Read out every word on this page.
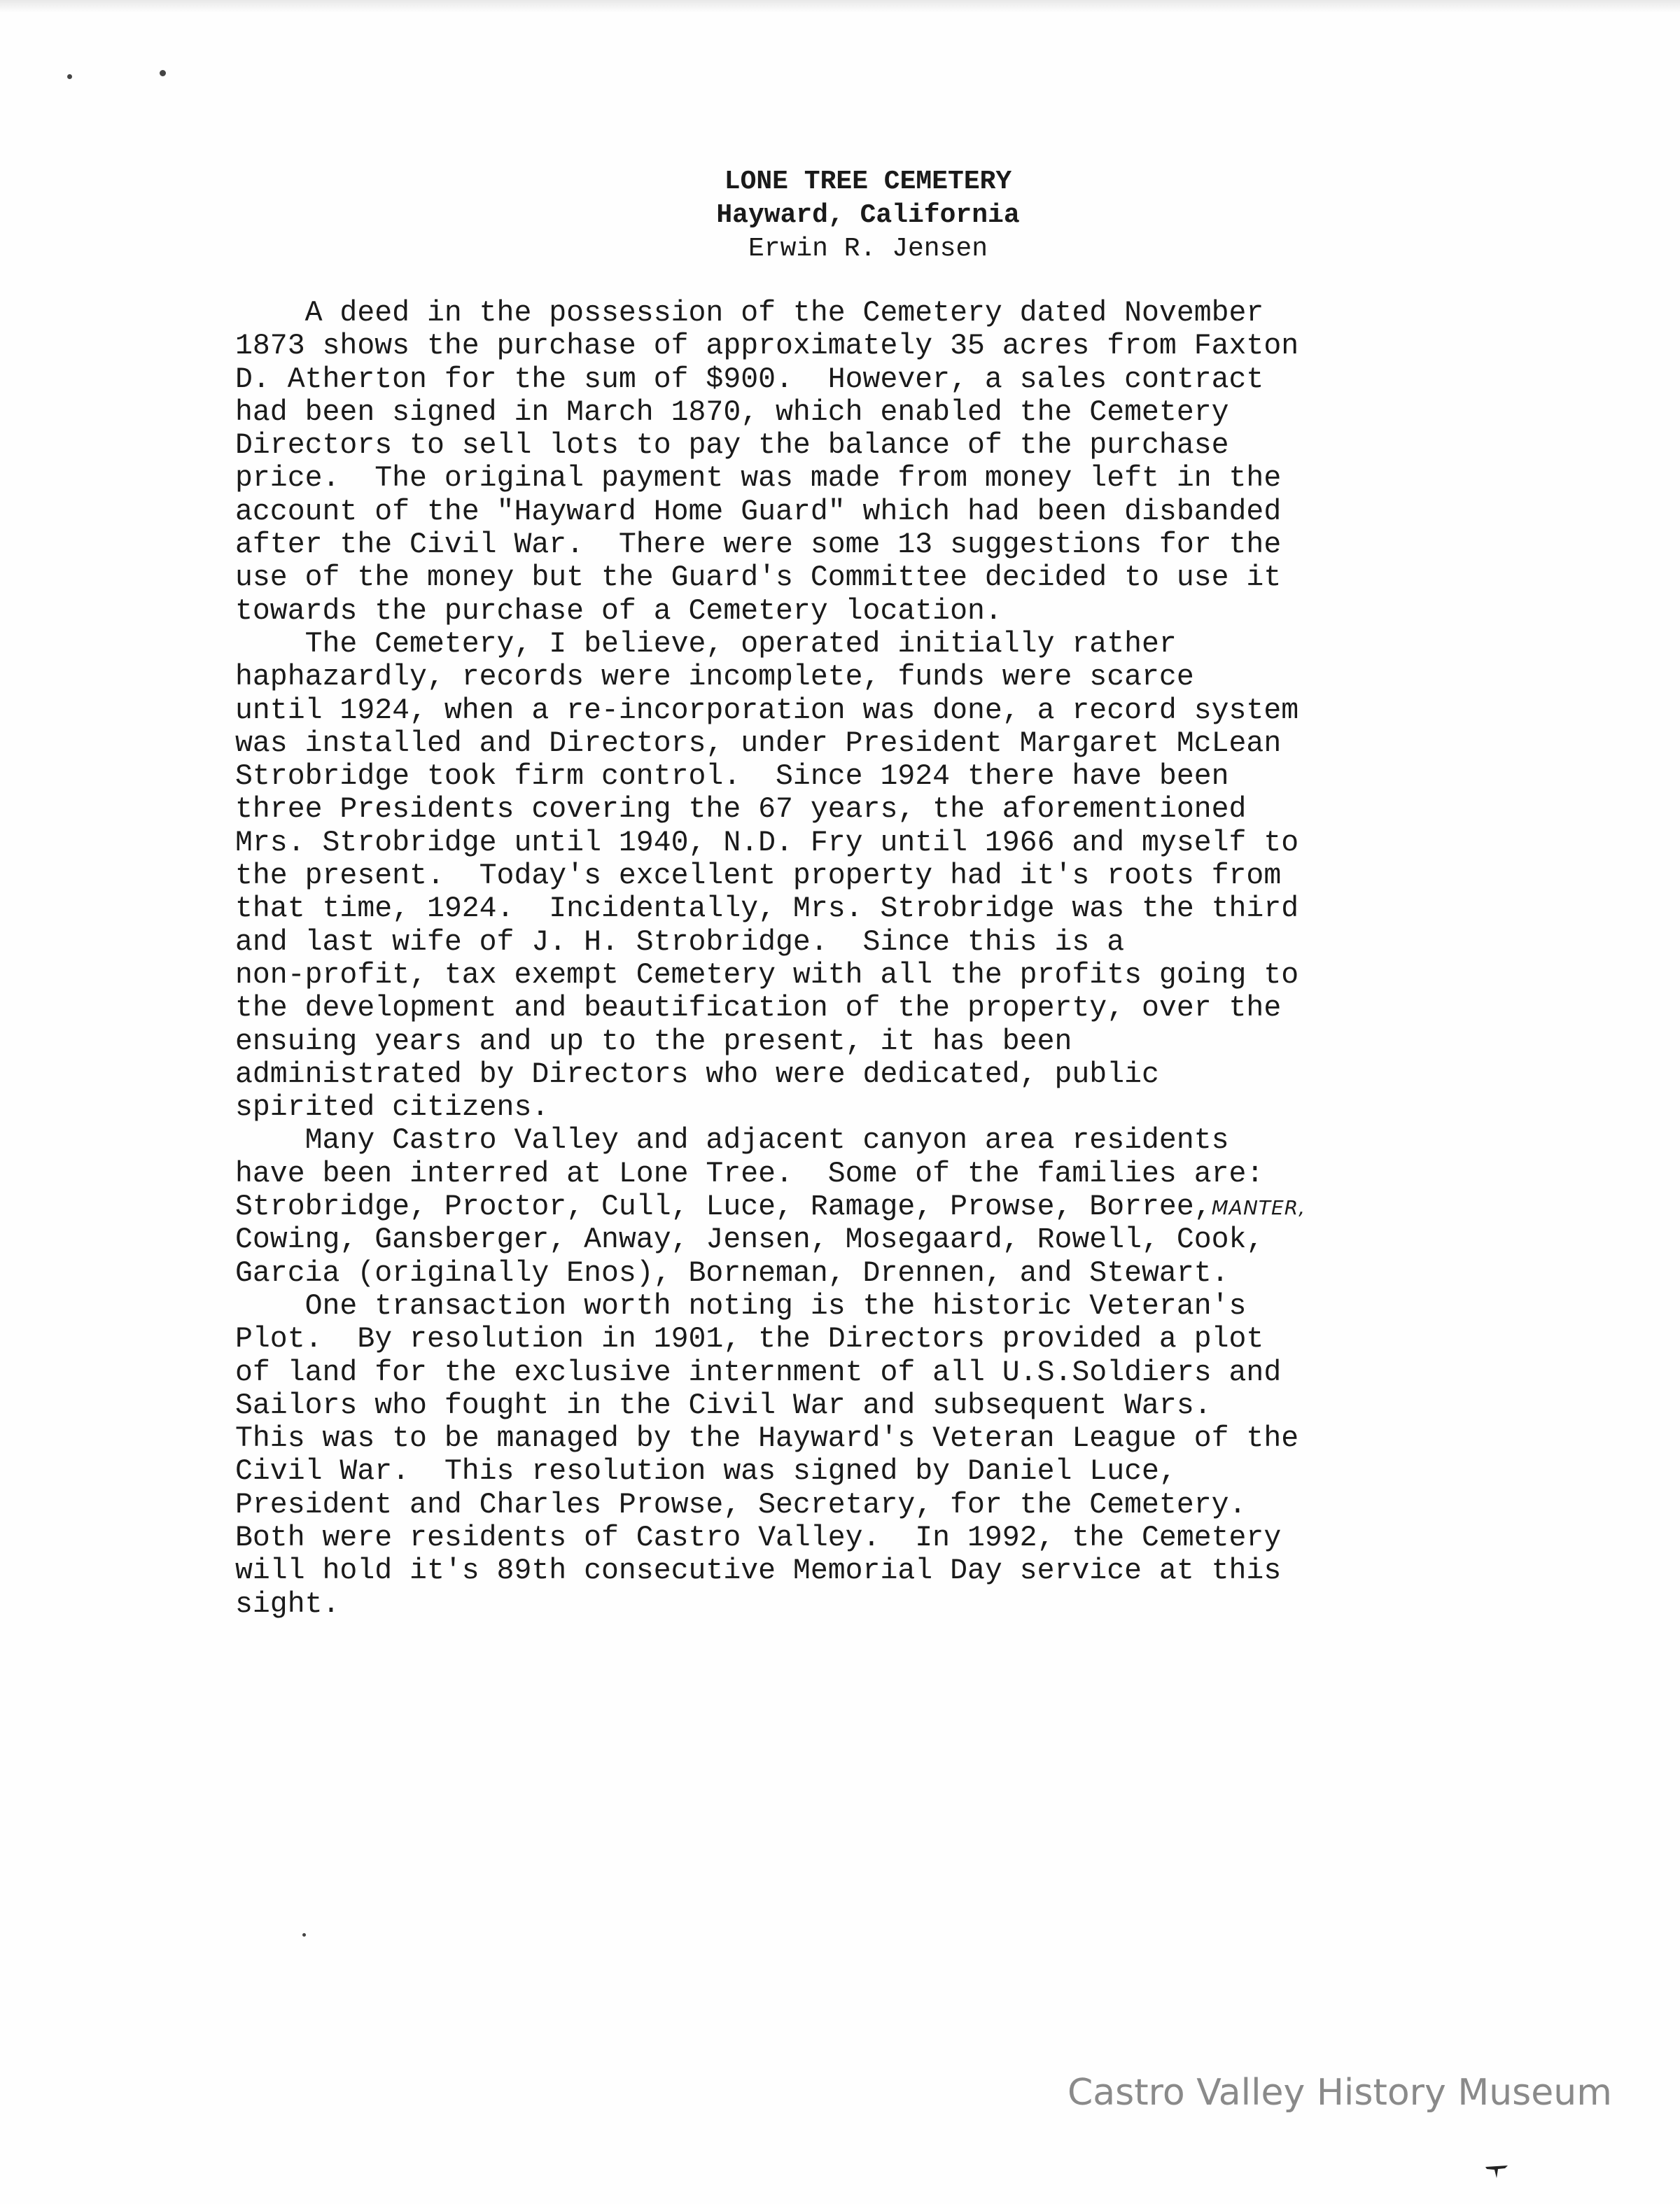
LONE TREE CEMETERY
Hayward, California
Erwin R. Jensen
A deed in the possession of the Cemetery dated November
1873 shows the purchase of approximately 35 acres from Faxton
D. Atherton for the sum of $900.  However, a sales contract
had been signed in March 1870, which enabled the Cemetery
Directors to sell lots to pay the balance of the purchase
price.  The original payment was made from money left in the
account of the "Hayward Home Guard" which had been disbanded
after the Civil War.  There were some 13 suggestions for the
use of the money but the Guard's Committee decided to use it
towards the purchase of a Cemetery location.
The Cemetery, I believe, operated initially rather
haphazardly, records were incomplete, funds were scarce
until 1924, when a re-incorporation was done, a record system
was installed and Directors, under President Margaret McLean
Strobridge took firm control.  Since 1924 there have been
three Presidents covering the 67 years, the aforementioned
Mrs. Strobridge until 1940, N.D. Fry until 1966 and myself to
the present.  Today's excellent property had it's roots from
that time, 1924.  Incidentally, Mrs. Strobridge was the third
and last wife of J. H. Strobridge.  Since this is a
non-profit, tax exempt Cemetery with all the profits going to
the development and beautification of the property, over the
ensuing years and up to the present, it has been
administrated by Directors who were dedicated, public
spirited citizens.
Many Castro Valley and adjacent canyon area residents
have been interred at Lone Tree.  Some of the families are:
Strobridge, Proctor, Cull, Luce, Ramage, Prowse, Borree,MANTER,
Cowing, Gansberger, Anway, Jensen, Mosegaard, Rowell, Cook,
Garcia (originally Enos), Borneman, Drennen, and Stewart.
One transaction worth noting is the historic Veteran's
Plot.  By resolution in 1901, the Directors provided a plot
of land for the exclusive internment of all U.S.Soldiers and
Sailors who fought in the Civil War and subsequent Wars.
This was to be managed by the Hayward's Veteran League of the
Civil War.  This resolution was signed by Daniel Luce,
President and Charles Prowse, Secretary, for the Cemetery.
Both were residents of Castro Valley.  In 1992, the Cemetery
will hold it's 89th consecutive Memorial Day service at this
sight.
Castro Valley History Museum
